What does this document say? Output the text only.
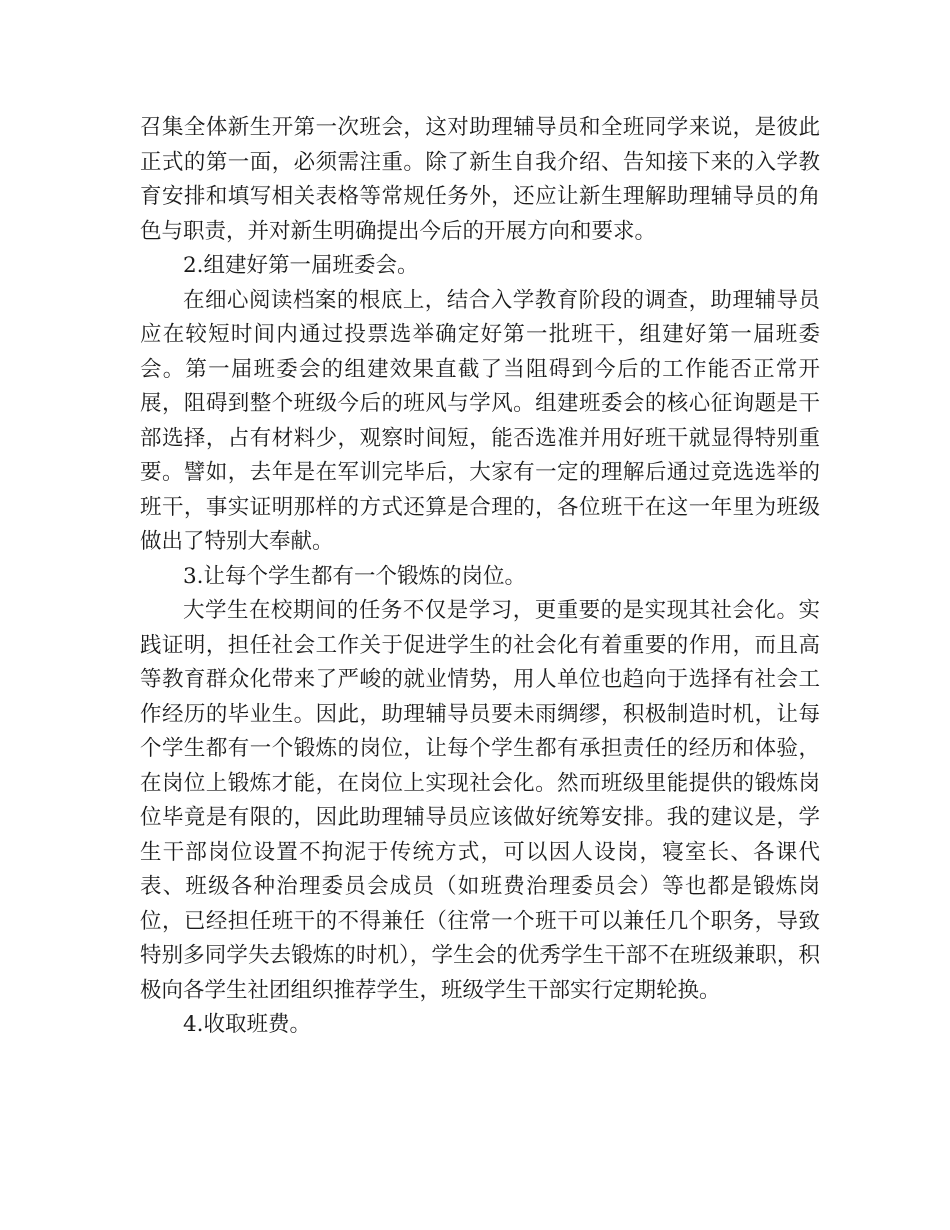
召集全体新生开第一次班会，这对助理辅导员和全班同学来说，是彼此正式的第一面，必须需注重。除了新生自我介绍、告知接下来的入学教育安排和填写相关表格等常规任务外，还应让新生理解助理辅导员的角色与职责，并对新生明确提出今后的开展方向和要求。

2.组建好第一届班委会。

在细心阅读档案的根底上，结合入学教育阶段的调查，助理辅导员应在较短时间内通过投票选举确定好第一批班干，组建好第一届班委会。第一届班委会的组建效果直截了当阻碍到今后的工作能否正常开展，阻碍到整个班级今后的班风与学风。组建班委会的核心征询题是干部选择，占有材料少，观察时间短，能否选准并用好班干就显得特别重要。譬如，去年是在军训完毕后，大家有一定的理解后通过竞选选举的班干，事实证明那样的方式还算是合理的，各位班干在这一年里为班级做出了特别大奉献。

3.让每个学生都有一个锻炼的岗位。

大学生在校期间的任务不仅是学习，更重要的是实现其社会化。实践证明，担任社会工作关于促进学生的社会化有着重要的作用，而且高等教育群众化带来了严峻的就业情势，用人单位也趋向于选择有社会工作经历的毕业生。因此，助理辅导员要未雨绸缪，积极制造时机，让每个学生都有一个锻炼的岗位，让每个学生都有承担责任的经历和体验，在岗位上锻炼才能，在岗位上实现社会化。然而班级里能提供的锻炼岗位毕竟是有限的，因此助理辅导员应该做好统筹安排。我的建议是，学生干部岗位设置不拘泥于传统方式，可以因人设岗，寝室长、各课代表、班级各种治理委员会成员（如班费治理委员会）等也都是锻炼岗位，已经担任班干的不得兼任（往常一个班干可以兼任几个职务，导致特别多同学失去锻炼的时机），学生会的优秀学生干部不在班级兼职，积极向各学生社团组织推荐学生，班级学生干部实行定期轮换。

4.收取班费。
